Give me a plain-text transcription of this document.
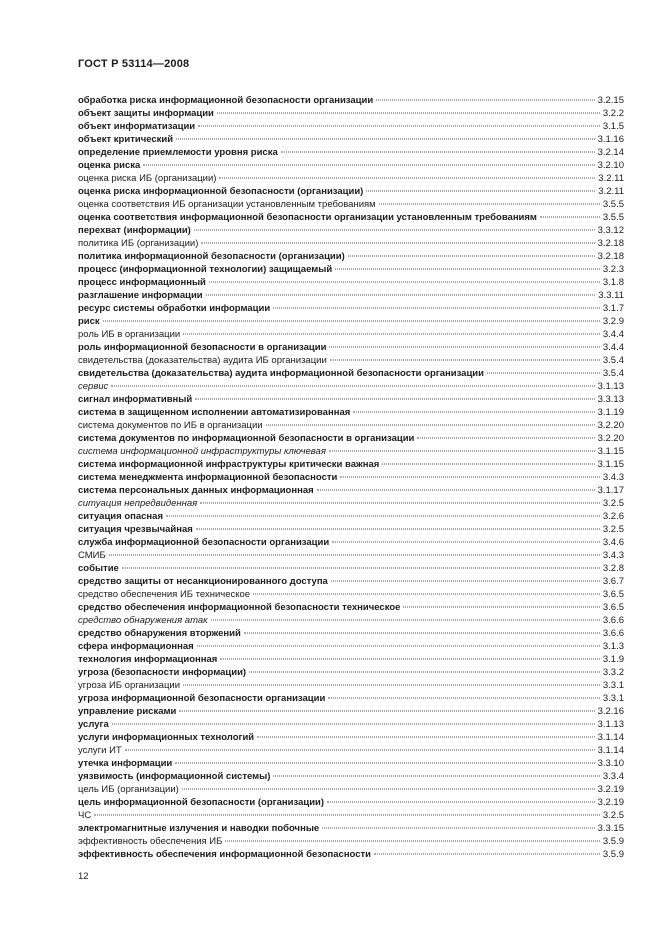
ГОСТ Р 53114—2008
обработка риска информационной безопасности организации	3.2.15
объект защиты информации	3.2.2
объект информатизации	3.1.5
объект критический	3.1.16
определение приемлемости уровня риска	3.2.14
оценка риска	3.2.10
оценка риска ИБ (организации)	3.2.11
оценка риска информационной безопасности (организации)	3.2.11
оценка соответствия ИБ организации установленным требованиям	3.5.5
оценка соответствия информационной безопасности организации установленным требованиям	3.5.5
перехват (информации)	3.3.12
политика ИБ (организации)	3.2.18
политика информационной безопасности (организации)	3.2.18
процесс (информационной технологии) защищаемый	3.2.3
процесс информационный	3.1.8
разглашение информации	3.3.11
ресурс системы обработки информации	3.1.7
риск	3.2.9
роль ИБ в организации	3.4.4
роль информационной безопасности в организации	3.4.4
свидетельства (доказательства) аудита ИБ организации	3.5.4
свидетельства (доказательства) аудита информационной безопасности организации	3.5.4
сервис	3.1.13
сигнал информативный	3.3.13
система в защищенном исполнении автоматизированная	3.1.19
система документов по ИБ в организации	3.2.20
система документов по информационной безопасности в организации	3.2.20
система информационной инфраструктуры ключевая	3.1.15
система информационной инфраструктуры критически важная	3.1.15
система менеджмента информационной безопасности	3.4.3
система персональных данных информационная	3.1.17
ситуация непредвиденная	3.2.5
ситуация опасная	3.2.6
ситуация чрезвычайная	3.2.5
служба информационной безопасности организации	3.4.6
СМИБ	3.4.3
событие	3.2.8
средство защиты от несанкционированного доступа	3.6.7
средство обеспечения ИБ техническое	3.6.5
средство обеспечения информационной безопасности техническое	3.6.5
средство обнаружения атак	3.6.6
средство обнаружения вторжений	3.6.6
сфера информационная	3.1.3
технология информационная	3.1.9
угроза (безопасности информации)	3.3.2
угроза ИБ организации	3.3.1
угроза информационной безопасности организации	3.3.1
управление рисками	3.2.16
услуга	3.1.13
услуги информационных технологий	3.1.14
услуги ИТ	3.1.14
утечка информации	3.3.10
уязвимость (информационной системы)	3.3.4
цель ИБ (организации)	3.2.19
цель информационной безопасности (организации)	3.2.19
ЧС	3.2.5
электромагнитные излучения и наводки побочные	3.3.15
эффективность обеспечения ИБ	3.5.9
эффективность обеспечения информационной безопасности	3.5.9
12
